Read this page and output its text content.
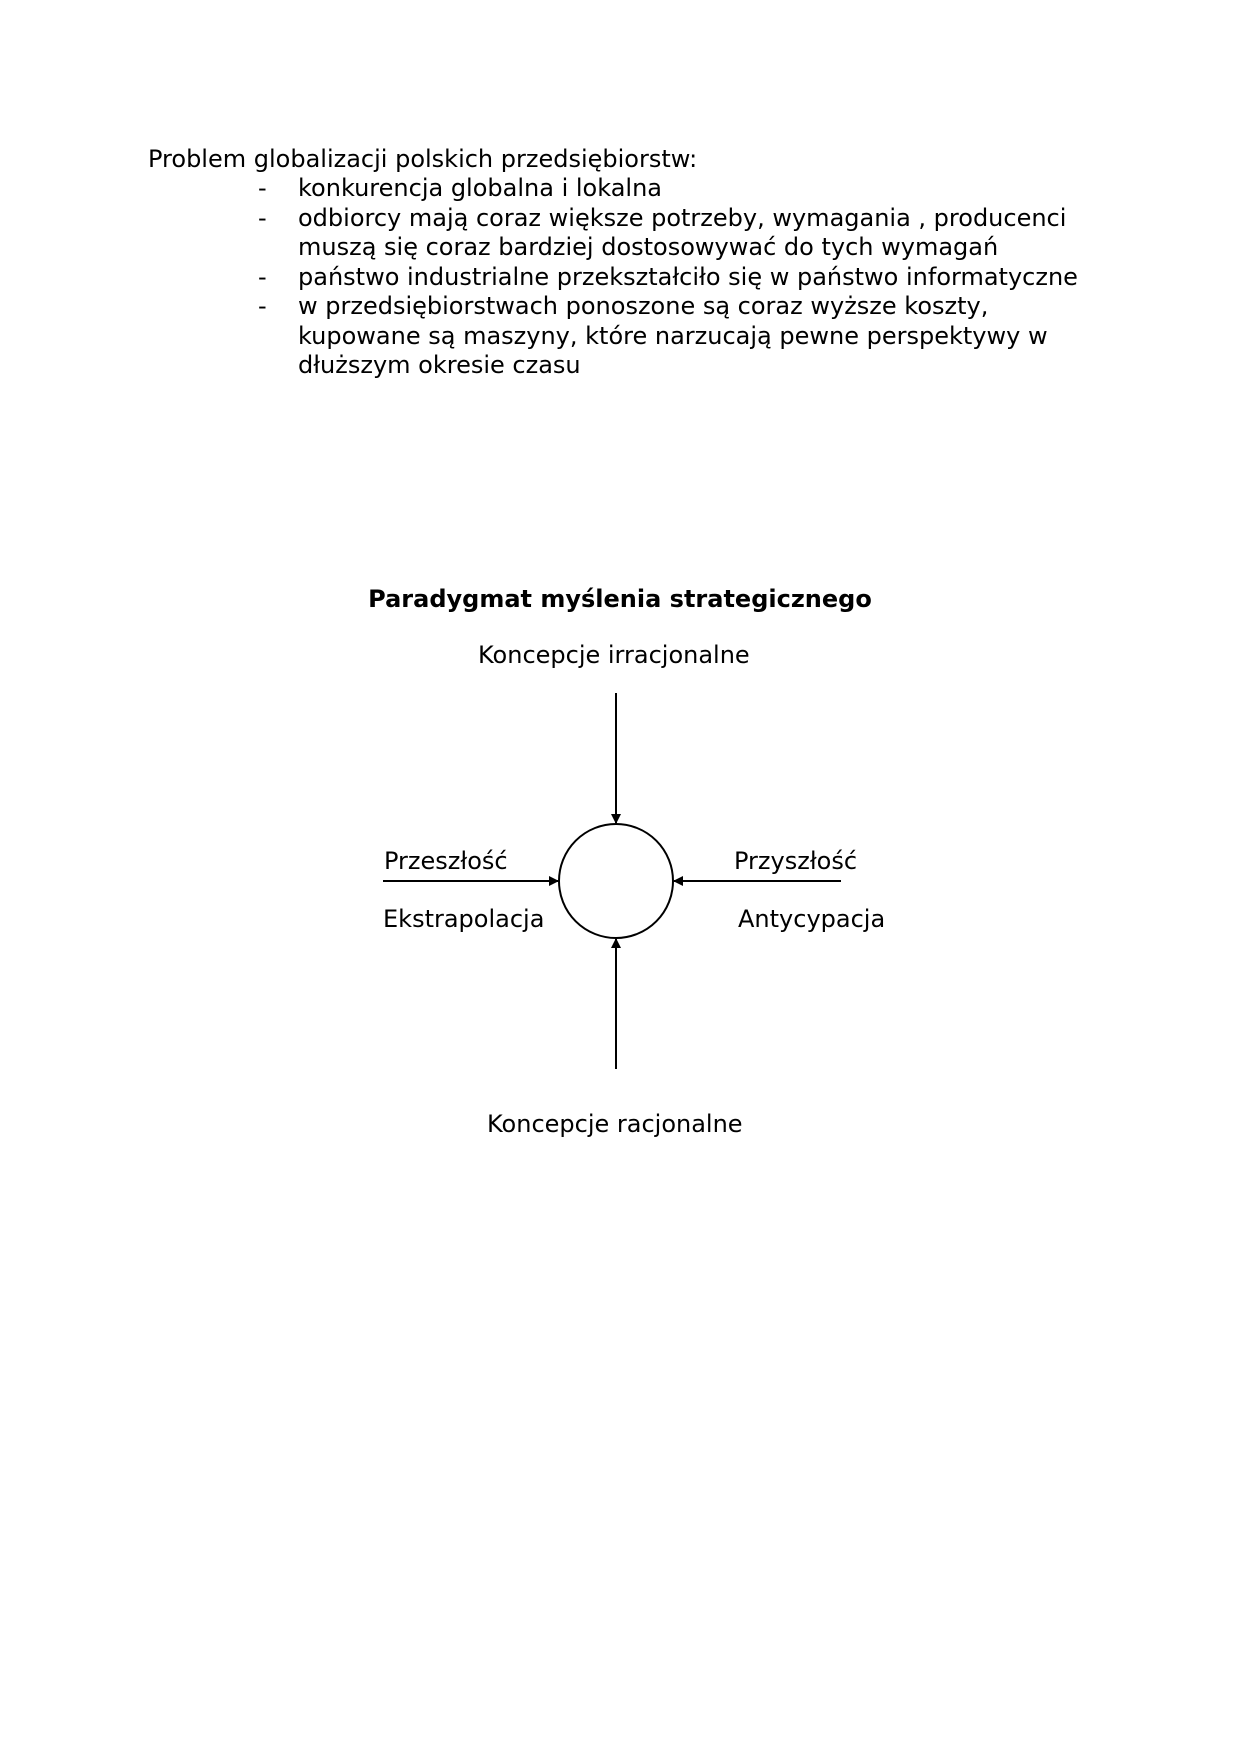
Problem globalizacji polskich przedsiębiorstw:
- konkurencja globalna i lokalna
- odbiorcy mają coraz większe potrzeby, wymagania , producenci muszą się coraz bardziej dostosowywać do tych wymagań
- państwo industrialne przekształciło się w państwo informatyczne
- w przedsiębiorstwach ponoszone są coraz wyższe koszty, kupowane są maszyny, które narzucają pewne perspektywy w dłuższym okresie czasu
Paradygmat myślenia strategicznego
Koncepcje irracjonalne
Przeszłość
Ekstrapolacja
Przyszłość
Antycypacja
Koncepcje racjonalne
